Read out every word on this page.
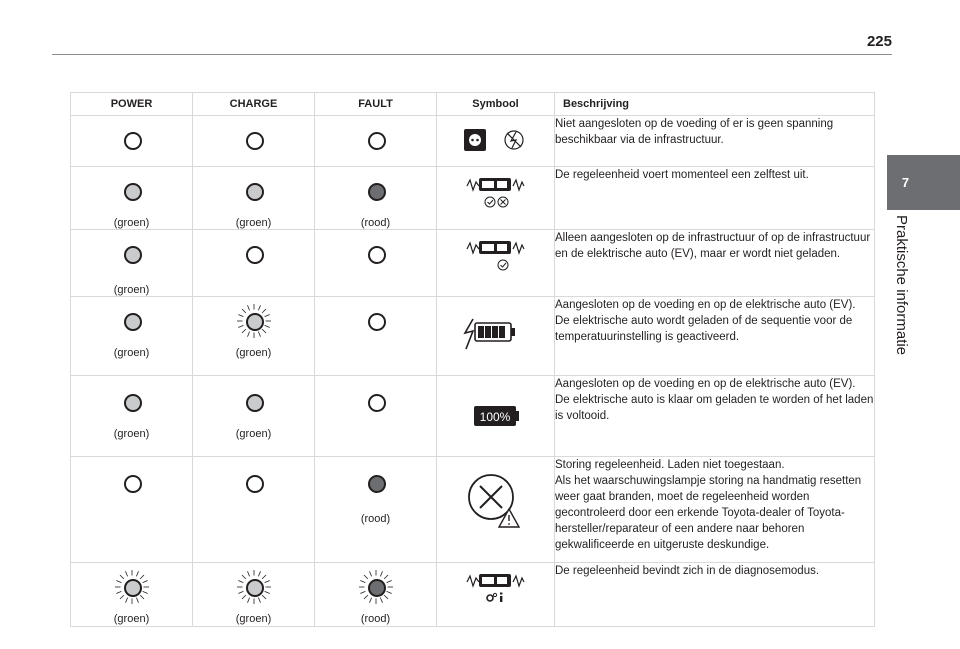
225
7
Praktische informatie
POWER	CHARGE	FAULT	Symbool	Beschrijving

Niet aangesloten op de voeding of er is geen spanning beschikbaar via de infrastructuur.

(groen)	(groen)	(rood)		De regeleenheid voert momenteel een zelftest uit.

(groen)				Alleen aangesloten op de infrastructuur of op de infrastructuur en de elektrische auto (EV), maar er wordt niet geladen.

(groen)	(groen)			Aangesloten op de voeding en op de elektrische auto (EV).
De elektrische auto wordt geladen of de sequentie voor de temperatuurinstelling is geactiveerd.

(groen)	(groen)		100%	Aangesloten op de voeding en op de elektrische auto (EV).
De elektrische auto is klaar om geladen te worden of het laden is voltooid.

		(rood)		Storing regeleenheid. Laden niet toegestaan.
Als het waarschuwingslampje storing na handmatig resetten weer gaat branden, moet de regeleenheid worden gecontroleerd door een erkende Toyota-dealer of Toyota-hersteller/reparateur of een andere naar behoren gekwalificeerde en uitgeruste deskundige.

(groen)	(groen)	(rood)		De regeleenheid bevindt zich in de diagnosemodus.
